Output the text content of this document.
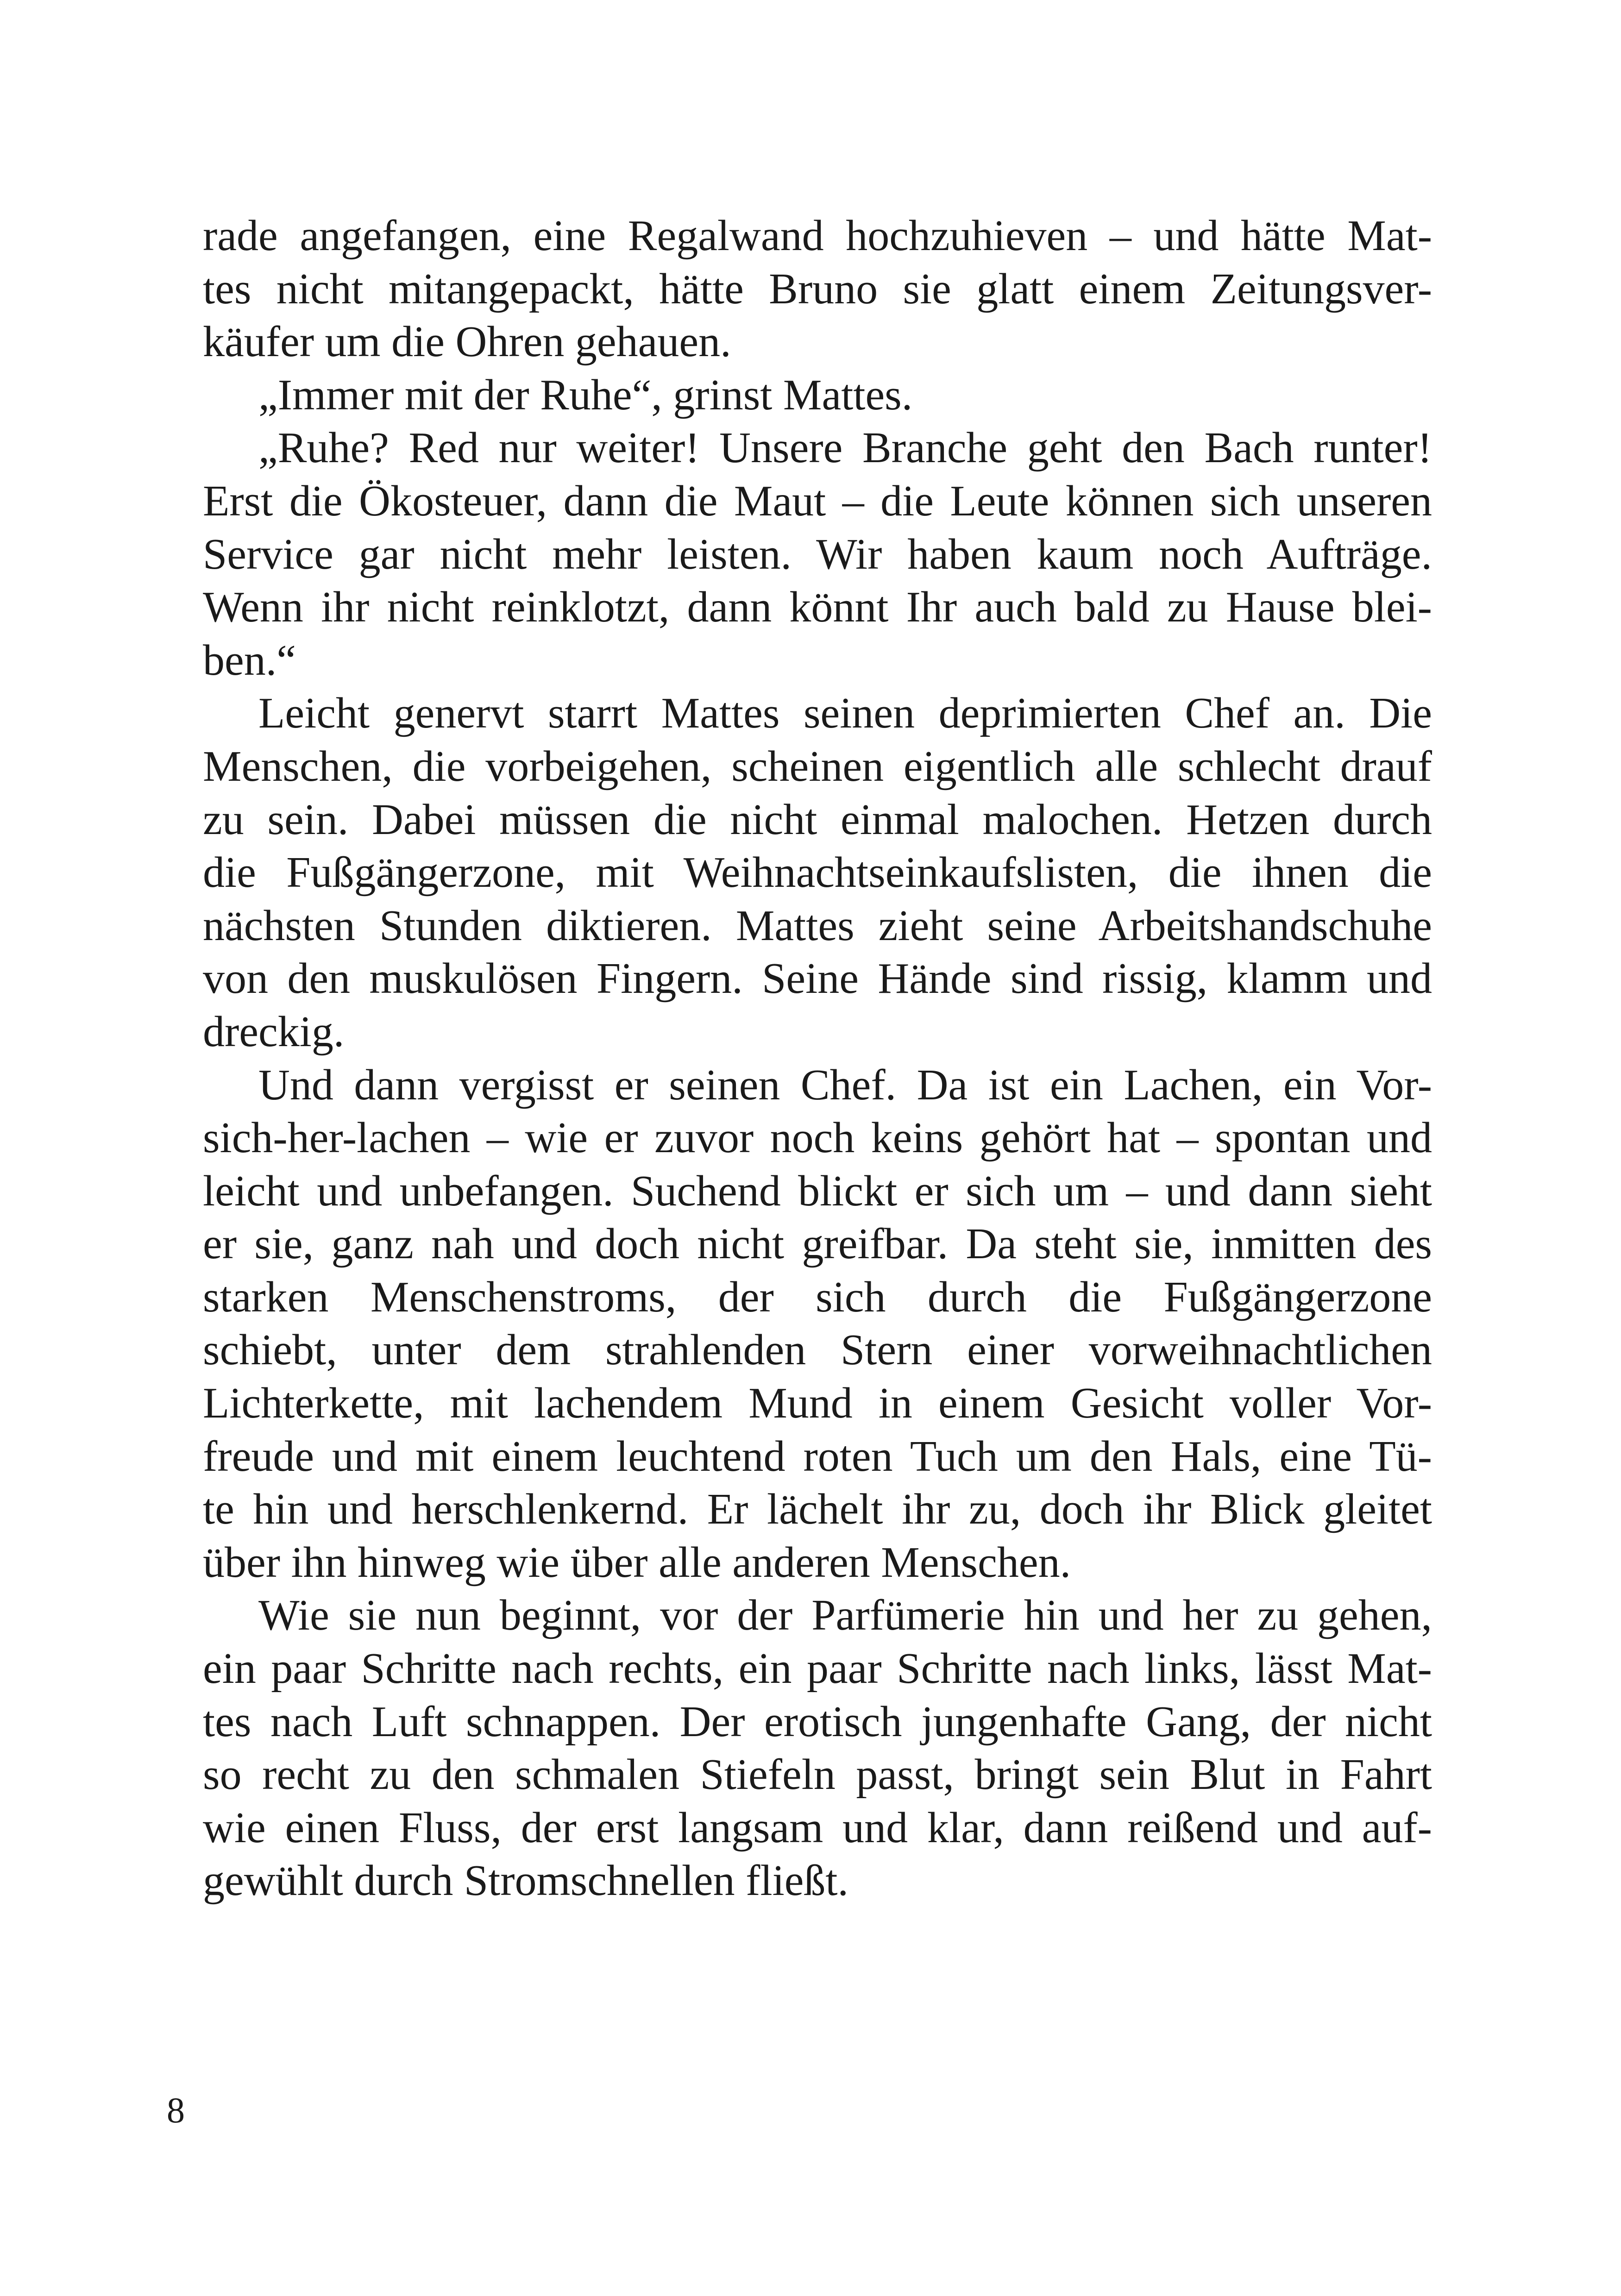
rade angefangen, eine Regalwand hochzuhieven – und hätte Mat-
tes nicht mitangepackt, hätte Bruno sie glatt einem Zeitungsver-
käufer um die Ohren gehauen.
„Immer mit der Ruhe“, grinst Mattes.
„Ruhe? Red nur weiter! Unsere Branche geht den Bach runter!
Erst die Ökosteuer, dann die Maut – die Leute können sich unseren
Service gar nicht mehr leisten. Wir haben kaum noch Aufträge.
Wenn ihr nicht reinklotzt, dann könnt Ihr auch bald zu Hause blei-
ben.“
Leicht genervt starrt Mattes seinen deprimierten Chef an. Die
Menschen, die vorbeigehen, scheinen eigentlich alle schlecht drauf
zu sein. Dabei müssen die nicht einmal malochen. Hetzen durch
die Fußgängerzone, mit Weihnachtseinkaufslisten, die ihnen die
nächsten Stunden diktieren. Mattes zieht seine Arbeitshandschuhe
von den muskulösen Fingern. Seine Hände sind rissig, klamm und
dreckig.
Und dann vergisst er seinen Chef. Da ist ein Lachen, ein Vor-
sich-her-lachen – wie er zuvor noch keins gehört hat – spontan und
leicht und unbefangen. Suchend blickt er sich um – und dann sieht
er sie, ganz nah und doch nicht greifbar. Da steht sie, inmitten des
starken Menschenstroms, der sich durch die Fußgängerzone
schiebt, unter dem strahlenden Stern einer vorweihnachtlichen
Lichterkette, mit lachendem Mund in einem Gesicht voller Vor-
freude und mit einem leuchtend roten Tuch um den Hals, eine Tü-
te hin und herschlenkernd. Er lächelt ihr zu, doch ihr Blick gleitet
über ihn hinweg wie über alle anderen Menschen.
Wie sie nun beginnt, vor der Parfümerie hin und her zu gehen,
ein paar Schritte nach rechts, ein paar Schritte nach links, lässt Mat-
tes nach Luft schnappen. Der erotisch jungenhafte Gang, der nicht
so recht zu den schmalen Stiefeln passt, bringt sein Blut in Fahrt
wie einen Fluss, der erst langsam und klar, dann reißend und auf-
gewühlt durch Stromschnellen fließt.
8
